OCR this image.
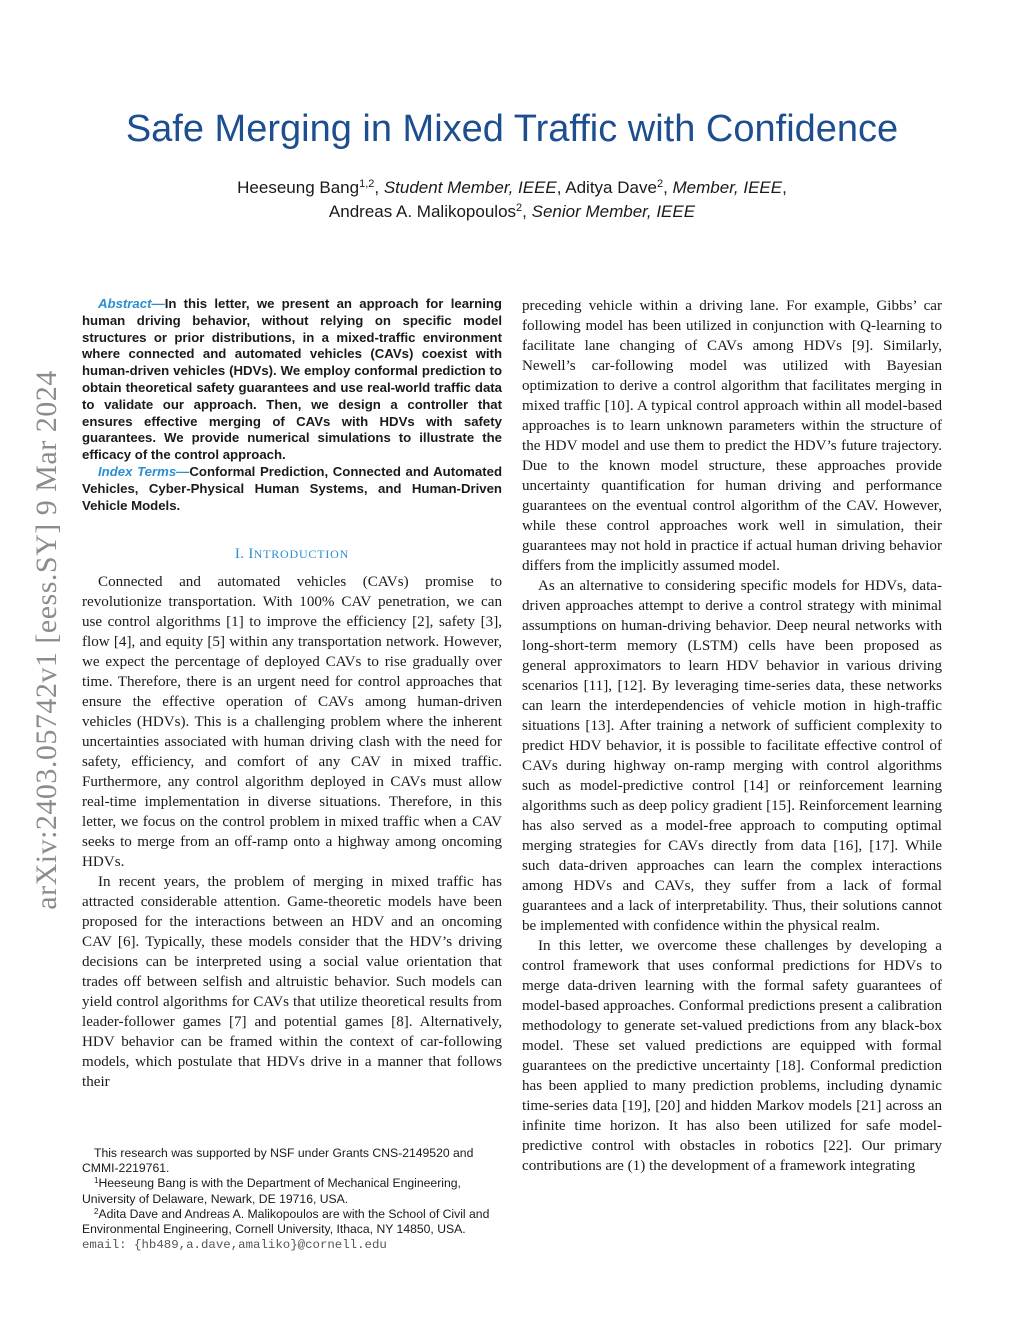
arXiv:2403.05742v1 [eess.SY] 9 Mar 2024
Safe Merging in Mixed Traffic with Confidence
Heeseung Bang$^{1,2}$, Student Member, IEEE, Aditya Dave$^2$, Member, IEEE,
Andreas A. Malikopoulos$^2$, Senior Member, IEEE

Abstract—In this letter, we present an approach for learning human driving behavior, without relying on specific model structures or prior distributions, in a mixed-traffic environment where connected and automated vehicles (CAVs) coexist with human-driven vehicles (HDVs). We employ conformal prediction to obtain theoretical safety guarantees and use real-world traffic data to validate our approach. Then, we design a controller that ensures effective merging of CAVs with HDVs with safety guarantees. We provide numerical simulations to illustrate the efficacy of the control approach.

Index Terms—Conformal Prediction, Connected and Automated Vehicles, Cyber-Physical Human Systems, and Human-Driven Vehicle Models.

I. INTRODUCTION

Connected and automated vehicles (CAVs) promise to revolutionize transportation. With 100% CAV penetration, we can use control algorithms [1] to improve the efficiency [2], safety [3], flow [4], and equity [5] within any transportation network. However, we expect the percentage of deployed CAVs to rise gradually over time. Therefore, there is an urgent need for control approaches that ensure the effective operation of CAVs among human-driven vehicles (HDVs). This is a challenging problem where the inherent uncertainties associated with human driving clash with the need for safety, efficiency, and comfort of any CAV in mixed traffic. Furthermore, any control algorithm deployed in CAVs must allow real-time implementation in diverse situations. Therefore, in this letter, we focus on the control problem in mixed traffic when a CAV seeks to merge from an off-ramp onto a highway among oncoming HDVs.

In recent years, the problem of merging in mixed traffic has attracted considerable attention. Game-theoretic models have been proposed for the interactions between an HDV and an oncoming CAV [6]. Typically, these models consider that the HDV’s driving decisions can be interpreted using a social value orientation that trades off between selfish and altruistic behavior. Such models can yield control algorithms for CAVs that utilize theoretical results from leader-follower games [7] and potential games [8]. Alternatively, HDV behavior can be framed within the context of car-following models, which postulate that HDVs drive in a manner that follows their

preceding vehicle within a driving lane. For example, Gibbs’ car following model has been utilized in conjunction with Q-learning to facilitate lane changing of CAVs among HDVs [9]. Similarly, Newell’s car-following model was utilized with Bayesian optimization to derive a control algorithm that facilitates merging in mixed traffic [10]. A typical control approach within all model-based approaches is to learn unknown parameters within the structure of the HDV model and use them to predict the HDV’s future trajectory. Due to the known model structure, these approaches provide uncertainty quantification for human driving and performance guarantees on the eventual control algorithm of the CAV. However, while these control approaches work well in simulation, their guarantees may not hold in practice if actual human driving behavior differs from the implicitly assumed model.

As an alternative to considering specific models for HDVs, data-driven approaches attempt to derive a control strategy with minimal assumptions on human-driving behavior. Deep neural networks with long-short-term memory (LSTM) cells have been proposed as general approximators to learn HDV behavior in various driving scenarios [11], [12]. By leveraging time-series data, these networks can learn the interdependencies of vehicle motion in high-traffic situations [13]. After training a network of sufficient complexity to predict HDV behavior, it is possible to facilitate effective control of CAVs during highway on-ramp merging with control algorithms such as model-predictive control [14] or reinforcement learning algorithms such as deep policy gradient [15]. Reinforcement learning has also served as a model-free approach to computing optimal merging strategies for CAVs directly from data [16], [17]. While such data-driven approaches can learn the complex interactions among HDVs and CAVs, they suffer from a lack of formal guarantees and a lack of interpretability. Thus, their solutions cannot be implemented with confidence within the physical realm.

In this letter, we overcome these challenges by developing a control framework that uses conformal predictions for HDVs to merge data-driven learning with the formal safety guarantees of model-based approaches. Conformal predictions present a calibration methodology to generate set-valued predictions from any black-box model. These set valued predictions are equipped with formal guarantees on the predictive uncertainty [18]. Conformal prediction has been applied to many prediction problems, including dynamic time-series data [19], [20] and hidden Markov models [21] across an infinite time horizon. It has also been utilized for safe model-predictive control with obstacles in robotics [22]. Our primary contributions are (1) the development of a framework integrating

This research was supported by NSF under Grants CNS-2149520 and CMMI-2219761.

$^1$Heeseung Bang is with the Department of Mechanical Engineering, University of Delaware, Newark, DE 19716, USA.

$^2$Adita Dave and Andreas A. Malikopoulos are with the School of Civil and Environmental Engineering, Cornell University, Ithaca, NY 14850, USA. email: {hb489,a.dave,amaliko}@cornell.edu
